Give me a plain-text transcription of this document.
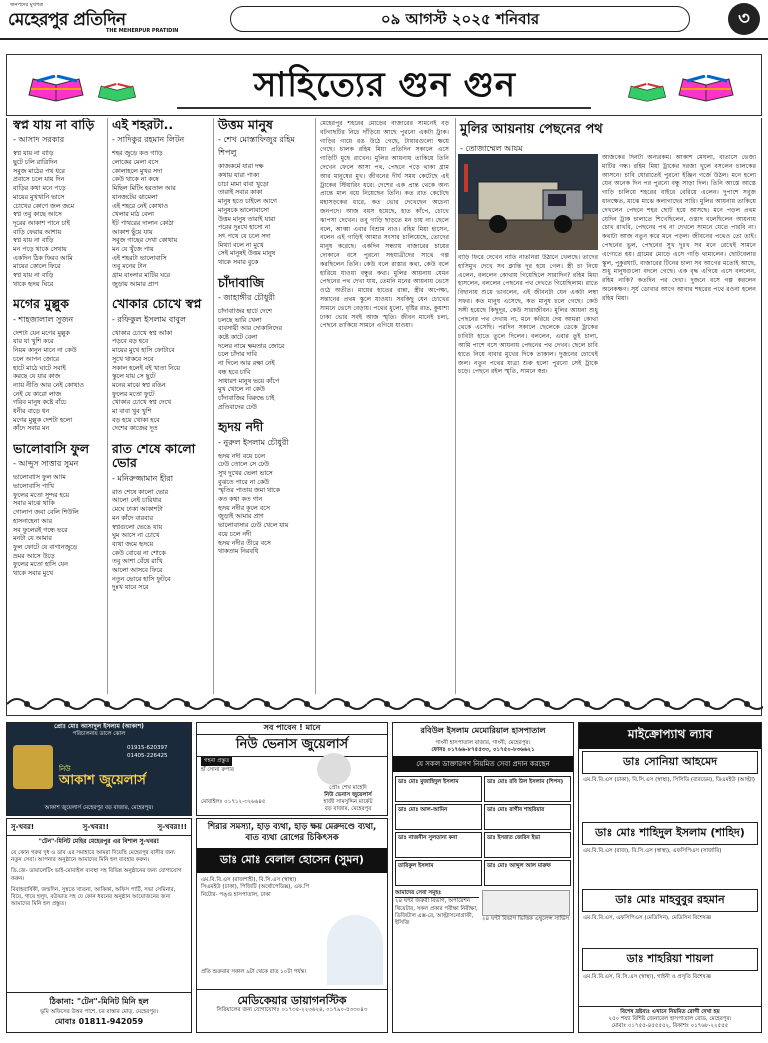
জনপদের মুখপত্র
মেহেরপুর প্রতিদিন
THE MEHERPUR PRATIDIN
০৯ আগস্ট ২০২৫ শনিবার	৩
সাহিত্যের গুন গুন
স্বপ্ন যায় না বাড়ি
- আসাদ সরকার

স্বপ্ন যায় না বাড়ি
ছুটে চলি রাত্রিদিন
সবুজ মাঠের পথ ধরে
প্রবাসে চলে যায় দিন
বাড়ির কথা মনে পড়ে
মায়ের মুখখানি ভাসে
চোখের কোণে জল জমে
স্বপ্ন তবু কাছে আসে
দূরের আকাশ পানে চাই
বাড়ি ফেরার আশায়
স্বপ্ন যায় না বাড়ি
মন পড়ে থাকে সেথায়
একদিন ঠিক ফিরব আমি
মায়ের কোলে ফিরে
স্বপ্ন যায় না বাড়ি
থাকে হৃদয় ঘিরে

মগের মুল্লুক
- শাহজালাল সুজন

দেশটা যেন মগের মুল্লুক
যার যা খুশি করে
নিয়ম কানুন মানে না কেউ
চলে আপন জোরে
হাটে মাঠে ঘাটে সবাই
করছে যে যার কাজ
ন্যায় নীতি আর নেই কোথাও
নেই যে কারো লাজ
গরিব মানুষ কষ্টে বাঁচে
ধনীর বাড়ে ধন
মগের মুল্লুক দেশটা হলো
কাঁদে সবার মন

ভালোবাসি ফুল
- আব্দুস সাত্তার সুমন

ভালোবাসি ফুল আমি
ভালোবাসি পাখি
ফুলের মতো সুন্দর হয়ে
সবার মাঝে থাকি
গোলাপ জবা বেলি শিউলি
হাসনাহেনা আর
সব ফুলেরই গন্ধে ভরে
মনটা যে আমার
ফুল ফোটে যে বাগানজুড়ে
ভ্রমর আসে উড়ে
ফুলের মতো হাসি যেন
থাকে সবার মুখে

এই শহরটা..
- সাদিকুর রহমান লিটন

শহর জুড়ে কত গাড়ি
লোকের মেলা বসে
কোলাহলে মুখর সদা
কেউ থাকে না কষে
মিছিল মিটিং হরতাল আর
যানজটের ঝামেলা
এই শহরে নেই কোথাও
খেলার মাঠ বেলা
ইট পাথরের দালান কোঠা
আকাশ ছুঁয়ে যায়
সবুজ গাছের দেখা কোথায়
মন যে খুঁজে পায়
এই শহরটা ভালোবাসি
তবু মনের টান
গ্রাম বাংলার মাটির ঘরে
জুড়ায় আমার প্রাণ

খোকার চোখে স্বপ্ন
- রফিকুল ইসলাম বাবুল

খোকার চোখে স্বপ্ন আঁকা
পড়বে বড় হবে
মায়ের মুখে হাসি ফোটাবে
সুখে থাকবে সবে
সকাল হলেই বই খাতা নিয়ে
স্কুলে যায় সে ছুটে
মনের মাঝে স্বপ্ন রঙিন
ফুলের মতো ফুটে
খোকার চোখে স্বপ্ন দেখে
মা বাবা খুব খুশি
বড় হয়ে খোকা হবে
দেশের কাজের দূত

রাত শেষে কালো ভোর
- মনিরুজ্জামান হীরা

রাত শেষে কালো ভোর
আলো নেই চারিধার
মেঘে ঢাকা আকাশটা
মন কাঁদে বারবার
স্বপ্নগুলো ভেঙে যায়
ঘুম আসে না চোখে
ব্যথা জমে হৃদয়ে
কেউ বোঝে না শোকে
তবু আশা বেঁধে রাখি
আলো আসবে ফিরে
নতুন ভোরে হাসি ফুটবে
দুঃখ যাবে সরে

উত্তম মানুষ
- শেখ মোস্তাফিজুর রহিম শিপলু

কাজকর্মে যারা দক্ষ
কথায় যারা পাকা
চাচা মামা বাবা খুড়ো
তারাই সবার কাকা
মানুষ হতে চাইলে আগে
মানুষকে ভালোবাসো
উত্তম মানুষ তারাই যারা
পরের দুঃখে হাসো না
সৎ পথে যে চলে সদা
মিথ্যা বলে না মুখে
সেই মানুষই উত্তম মানুষ
থাকে সবার বুকে

চাঁদাবাজি
- জাহাঙ্গীর চৌধুরী

চাঁদাবাজির হাটে দেশে
চলছে ভারি খেলা
ব্যবসায়ী আর দোকানিদের
কষ্টে কাটে বেলা
দলের নামে ক্ষমতার জোরে
চলে চাঁদার দাবি
না দিলে আর রক্ষা নেই
বন্ধ হবে চাবি
সাধারণ মানুষ ভয়ে কাঁপে
মুখ খোলে না কেউ
চাঁদাবাজির বিরুদ্ধে চাই
প্রতিবাদের ঢেউ

হৃদয় নদী
- নুরুল ইসলাম চৌধুরী

হৃদয় নদী বয়ে চলে
ঢেউ তোলে সে ঢেউ
সুখ দুখের ভেলা ভাসে
বুঝতে পারে না কেউ
স্মৃতির পাতায় জমা থাকে
কত কথা কত গান
হৃদয় নদীর কূলে বসে
জুড়াই আমার প্রাণ
ভালোবাসার ঢেউ খেলে যায়
বয়ে চলে নদী
হৃদয় নদীর তীরে বসে
থাকতাম নিরবধি

মেহেরপুর শহরের মোড়ের বাজারের সামনেই বড় বটগাছটির নিচে দাঁড়িয়ে আছে পুরনো একটা ট্রাক। গাড়ির গায়ে রঙ উঠে গেছে, টায়ারগুলো ক্ষয়ে গেছে। চালক রহিম মিয়া প্রতিদিন সকালে এসে গাড়িটি মুছে রাখেন। মুলির আয়নায় তাকিয়ে তিনি দেখেন ফেলে আসা পথ, পেছনে পড়ে থাকা গ্রাম আর মানুষের মুখ। জীবনের দীর্ঘ সময় কেটেছে এই ট্রাকের স্টিয়ারিং ধরে। দেশের এক প্রান্ত থেকে অন্য প্রান্তে মাল বয়ে নিয়েছেন তিনি। কত রাত কেটেছে মহাসড়কের ধারে, কত ভোর দেখেছেন অচেনা জনপদে। আজ বয়স হয়েছে, হাত কাঁপে, চোখে ঝাপসা দেখেন। তবু গাড়ি ছাড়তে মন চায় না। ছেলে বলে, আব্বা এবার বিশ্রাম নাও। রহিম মিয়া হাসেন, বলেন এই গাড়িই আমার সংসার চালিয়েছে, তোদের মানুষ করেছে। একদিন সন্ধ্যায় বাজারের চায়ের দোকানে বসে পুরনো সহযাত্রীদের সাথে গল্প করছিলেন তিনি। কেউ বলে রাস্তার কথা, কেউ বলে হারিয়ে যাওয়া বন্ধুর কথা। মুলির আয়নায় যেমন পেছনের পথ দেখা যায়, তেমনি মনের আয়নায় ভেসে ওঠে অতীত। মায়ের হাতের রান্না, স্ত্রীর অপেক্ষা, সন্তানের প্রথম স্কুলে যাওয়া। সবকিছু যেন চোখের সামনে ভেসে বেড়ায়। পথের ধুলো, বৃষ্টির রাত, কুয়াশা ঢাকা ভোর সবই আজ স্মৃতি। জীবন মানেই চলা, পেছনে তাকিয়ে সামনে এগিয়ে যাওয়া।
মুলির আয়নায় পেছনের পথ
- তোজাম্মেল আযম
আজকের দিনটা অন্যরকম। আকাশ মেঘলা, বাতাসে ভেজা মাটির গন্ধ। রহিম মিয়া ট্রাকের দরজা খুলে বসলেন চালকের আসনে। চাবি ঘোরাতেই পুরনো ইঞ্জিন গর্জে উঠল। মনে হলো যেন অনেক দিন পর পুরনো বন্ধু সাড়া দিল। তিনি আস্তে আস্তে গাড়ি চালিয়ে শহরের বাইরে বেরিয়ে এলেন। দুপাশে সবুজ ধানক্ষেত, মাঝে মাঝে কলাগাছের সারি। মুলির আয়নায় তাকিয়ে দেখলেন পেছনে শহর ছোট হয়ে আসছে। মনে পড়ল প্রথম যেদিন ট্রাক চালাতে শিখেছিলেন, ওস্তাদ বলেছিলেন আয়নায় চোখ রাখবি, পেছনের পথ না দেখলে সামনে যেতে পারবি না। কথাটা আজ নতুন করে মনে পড়ল। জীবনের পথেও তো তাই। পেছনের ভুল, পেছনের সুখ দুঃখ সব মনে রেখেই সামনে এগোতে হয়। গ্রামের মোড়ে এসে গাড়ি থামালেন। ছোটবেলার স্কুল, পুকুরঘাট, বাজারের টিনের চালা সব আগের মতোই আছে, শুধু মানুষগুলো বদলে গেছে। এক বৃদ্ধ এগিয়ে এসে বললেন, রহিম নাকি? কতদিন পর দেখা। দুজনে বসে গল্প করলেন অনেকক্ষণ। সূর্য ডোবার আগে আবার শহরের পথে রওনা হলেন রহিম মিয়া।
বাড়ি ফিরে দেখেন নাতি নাতনিরা উঠানে খেলছে। তাদের হাসিমুখ দেখে সব ক্লান্তি দূর হয়ে গেল। স্ত্রী চা নিয়ে এলেন, বললেন কোথায় গিয়েছিলে সারাদিন? রহিম মিয়া হাসলেন, বললেন পেছনের পথ দেখতে গিয়েছিলাম। রাতে বিছানায় শুয়ে ভাবলেন, এই জীবনটা যেন একটা লম্বা সফর। কত মানুষ এসেছে, কত মানুষ চলে গেছে। কেউ সঙ্গী হয়েছে কিছুদূর, কেউ সারাজীবন। মুলির আয়না শুধু পেছনের পথ দেখায় না, মনে করিয়ে দেয় আমরা কোথা থেকে এসেছি। পরদিন সকালে ছেলেকে ডেকে ট্রাকের চাবিটা হাতে তুলে দিলেন। বললেন, এবার তুই চালা, আমি পাশে বসে আয়নায় পেছনের পথ দেখব। ছেলে চাবি হাতে নিয়ে বাবার মুখের দিকে তাকাল। দুজনের চোখেই জল। নতুন পথের যাত্রা শুরু হলো পুরনো সেই ট্রাকে চড়ে। পেছনে রইল স্মৃতি, সামনে স্বপ্ন।
প্রোঃ মোঃ আসাদুল ইসলাম (আকাশ)
পরিচালনায় ডালে ঝোল
01915-620397
01405-226425
নিউ
আকাশ জুয়েলার্স
আকাশ জুয়েলার্স মেহেরপুর বড় বাজার, মেহেরপুর।
সব পাবেন ! মানে
নিউ ভেনাস জুয়েলার্স
গহনা প্রস্তুত
হাঁ সোনা রুপার
প্রোঃ শেখ মাহেদি
নিউ ভেনাস জুয়েলার্স
হাজী সামসুদ্দিন মার্কেট
বড় বাজার, মেহেরপুর
মোবাইলঃ ০১৭১২-৩২৬৬৪৫
সু-খবর!	সু-খবর!!	সু-খবর!!!
"টেন"-মিনিট মেহির মেহেরপুর এর বিশাল সু-খবর!
যে কোন গরুর দুধ ও ডাব এর সমাহারে আমরা দিয়েছি মেহেরপুর বাসীর জন্য নতুন সেবা। আপনার অনুষ্ঠানে আমাদের মিনি হল ব্যবহার করুন।
ডি.জে- ডায়ালেটিং ভাই-মোবাইল ব্যবস্থা সহ বিভিন্ন অনুষ্ঠানের জন্য যোগাযোগ করুন।
বিবাহবার্ষিকী, জন্মদিন, সুন্নতে খাতনা, আকিকা, অফিস পার্টি, সভা সেমিনার, বিয়ে, গায়ে হলুদ, বউভাত সহ যে কোন ধরনের অনুষ্ঠান আয়োজনের জন্য আমাদের মিনি হল প্রস্তুত।
ঠিকানা: "টেন"-মিনিট মিনি হল
ভূমি অফিসের উত্তর পাশে, চর রাস্তার মোড়, মেহেরপুর।
মোবাঃ 01811-942059
শিরার সমস্যা, হাড় ব্যথা, হাড় ক্ষয় মেরুদণ্ডে ব্যথা, বাত ব্যথা রোগের চিকিৎসক
ডাঃ মোঃ বেলাল হোসেন (সুমন)
এম.বি.বি.এস (রাজশাহী), বি.সি.এস (স্বাস্থ্য) সিএমইউ (ঢাকা), পিজিটি (অর্থোপেডিক্স), এফ.পি নিটোর- পঙ্গু হাসপাতাল, ঢাকা
প্রতি শুক্রবার সকাল ৯টা থেকে রাত ১০টা পর্যন্ত।
মেডিকেয়ার ডায়াগনস্টিক
সিরিয়ালের জন্য যোগাযোগঃ ০১৭৩৫-২২৩৬২৪, ০১৭৯০-৫৩৩০৪৩
রবিউল ইসলাম মেমোরিয়াল হাসপাতাল
গাংনী হাসপাতাল বাজার, গাংনী, মেহেরপুর।
ফোনঃ ০১৭৬৬-৮৭৫৫৩৩, ০১৭৫০-৮৩৬৬২১
যে সকল ডাক্তারগণ নিয়মিত সেবা প্রদান করছেন
ডাঃ মোঃ মুজাহিদুল ইসলাম	ডাঃ মোঃ রবি উল ইসলাম (শিপন)
ডাঃ মোঃ আল-আমিন	ডাঃ মোঃ রাগীব শাহরিয়ার
ডাঃ নাজনীন সুলতানা কনা	ডাঃ ইসরাত জেরিন ইভা
তারিকুল ইসলাম	ডাঃ মোঃ আব্দুল আল মারুফ
আমাদের সেবা সমূহঃ
২৪ ঘণ্টা জরুরী বিভাগ, অপারেশন থিয়েটার, সকল প্রকার পরীক্ষা নিরীক্ষা, ডিজিটাল এক্স-রে, আল্ট্রাসনোগ্রাফী, ইসিজি
২৪ ঘণ্টা বিভাগ ভিত্তিক এম্বুলেন্স সার্ভিস
মাইক্রোপ্যাথ ল্যাব
ডাঃ সোনিয়া আহমেদ
এম.বি.বি.এস (ঢাকা), বি.সি.এস (স্বাস্থ্য), সিসিডি (বারডেম), ডিএমইউ (আল্ট্রা)
ডাঃ মোঃ শাহিদুল ইসলাম (শাহিদ)
এম.বি.বি.এস (রাজ), বি.সি.এস (স্বাস্থ্য), এফসিপিএস (সার্জারি)
ডাঃ মোঃ মাহবুবুর রহমান
এম.বি.বি.এস, এফসিপিএস (মেডিসিন), মেডিসিন বিশেষজ্ঞ
ডাঃ শাহরিয়া শায়লা
এম.বি.বি.এস, বি.সি.এস (স্বাস্থ্য), গাইনী ও প্রসূতি বিশেষজ্ঞ
বিশেষ দ্রষ্টব্যঃ এখানে নিয়মিত রোগী দেখা হয়
২৫০ শয্যা বিশিষ্ট জেনারেল হাসপাতাল রোড, মেহেরপুর।
মোবাঃ ০১৭৫৫-৪৫৫৫৫২, বিকাশঃ ০১৭৬৮-২২৫৫৫
